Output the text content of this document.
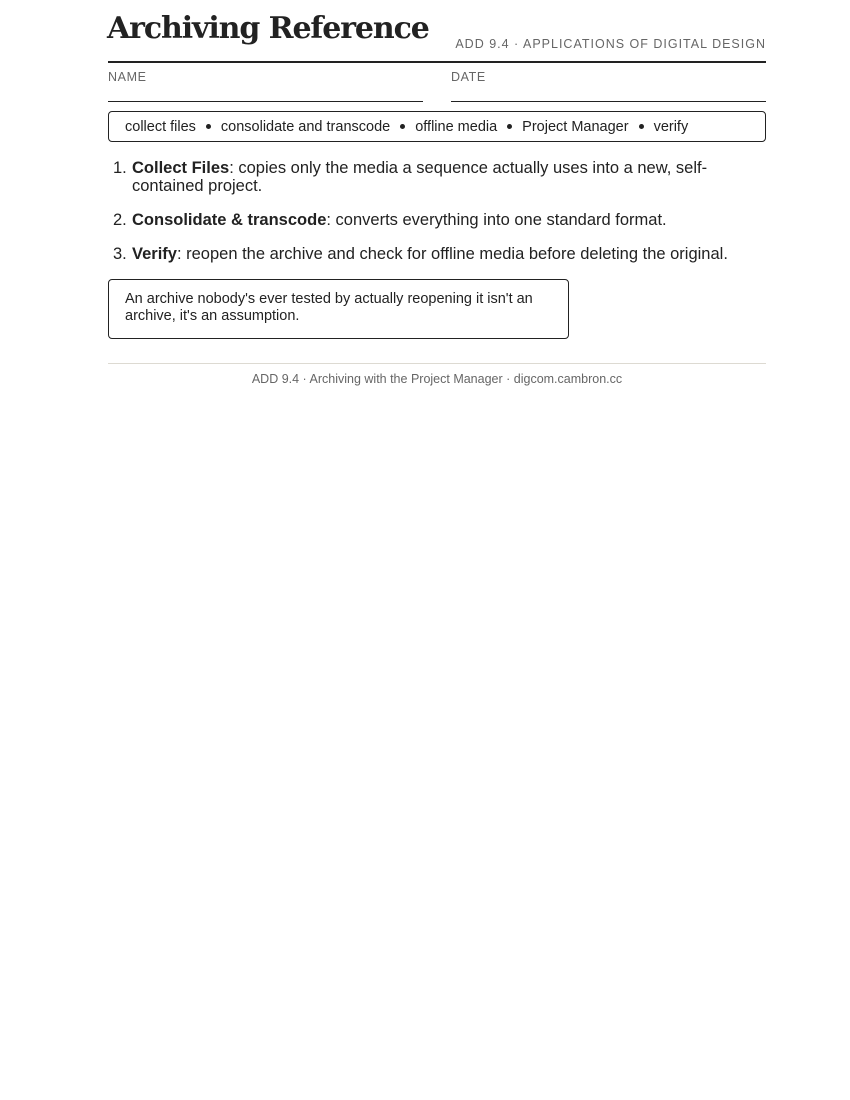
Archiving Reference ADD 9.4 · APPLICATIONS OF DIGITAL DESIGN
NAME	DATE
collect files consolidate and transcode offline media Project Manager verify
1. Collect Files: copies only the media a sequence actually uses into a new, self-contained project.
2. Consolidate & transcode: converts everything into one standard format.
3. Verify: reopen the archive and check for offline media before deleting the original.
An archive nobody's ever tested by actually reopening it isn't an archive, it's an assumption.
ADD 9.4 · Archiving with the Project Manager · digcom.cambron.cc
